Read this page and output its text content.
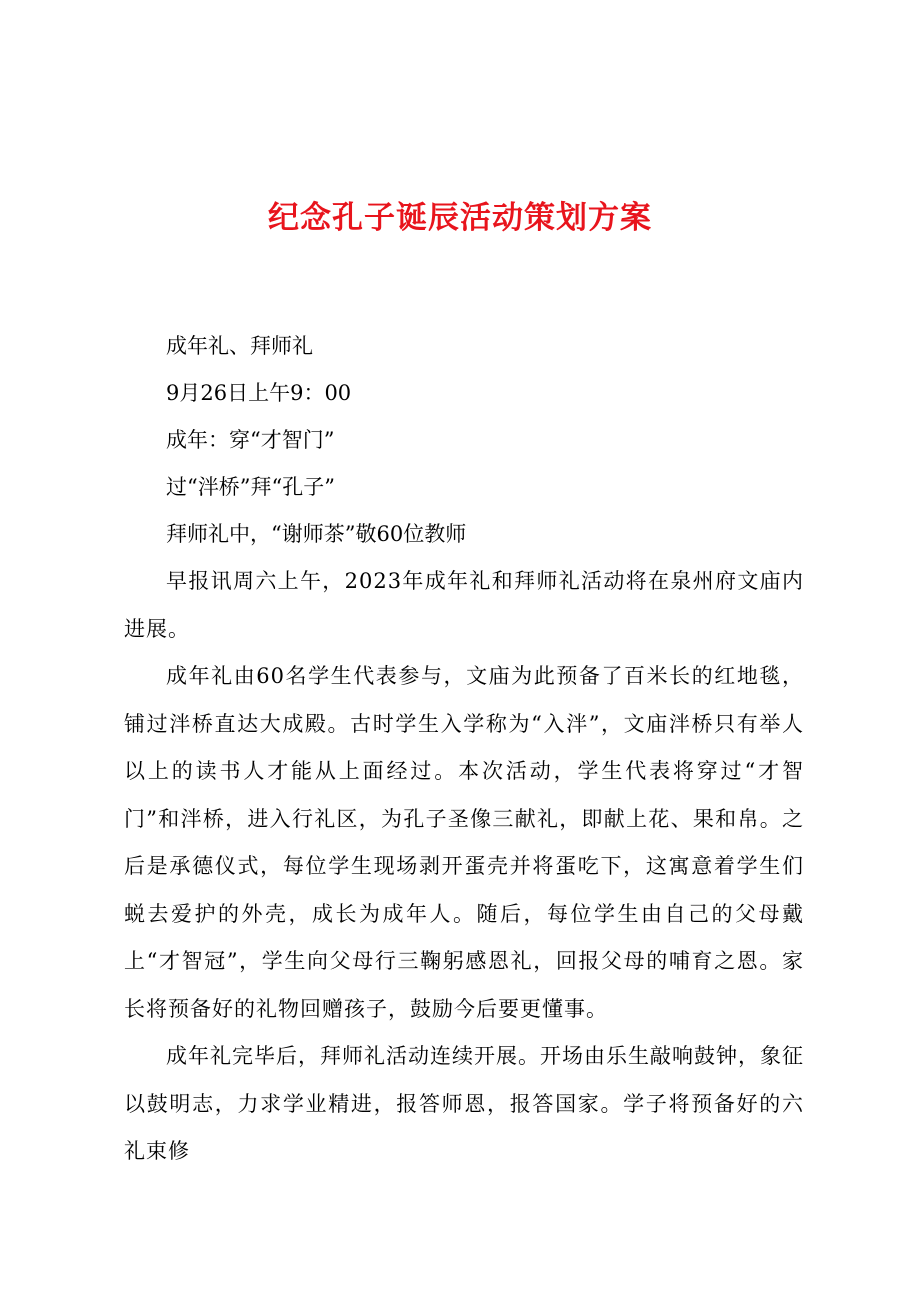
纪念孔子诞辰活动策划方案

成年礼、拜师礼

9月26日上午9：00

成年：穿“才智门”

过“泮桥”拜“孔子”

拜师礼中，“谢师茶”敬60位教师

早报讯周六上午，2023年成年礼和拜师礼活动将在泉州府文庙内进展。

成年礼由60名学生代表参与，文庙为此预备了百米长的红地毯，铺过泮桥直达大成殿。古时学生入学称为“入泮”，文庙泮桥只有举人以上的读书人才能从上面经过。本次活动，学生代表将穿过“才智门”和泮桥，进入行礼区，为孔子圣像三献礼，即献上花、果和帛。之后是承德仪式，每位学生现场剥开蛋壳并将蛋吃下，这寓意着学生们蜕去爱护的外壳，成长为成年人。随后，每位学生由自己的父母戴上“才智冠”，学生向父母行三鞠躬感恩礼，回报父母的哺育之恩。家长将预备好的礼物回赠孩子，鼓励今后要更懂事。

成年礼完毕后，拜师礼活动连续开展。开场由乐生敲响鼓钟，象征以鼓明志，力求学业精进，报答师恩，报答国家。学子将预备好的六礼束修
